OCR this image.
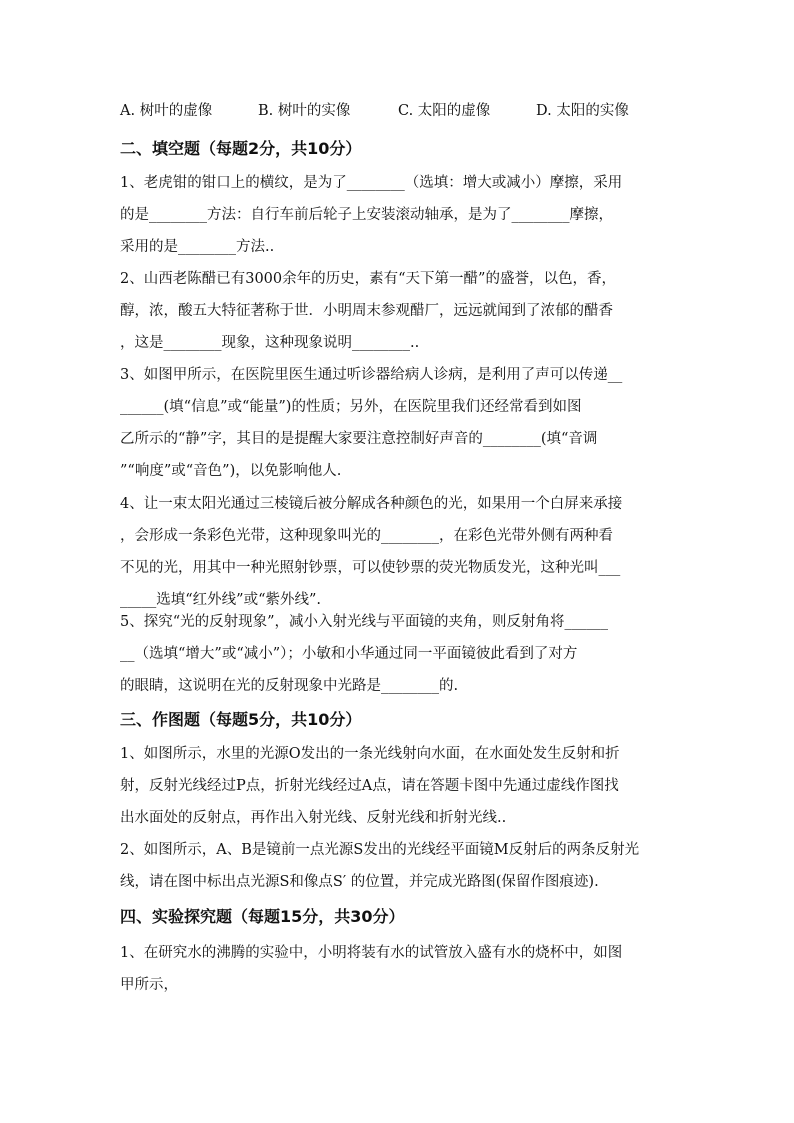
A. 树叶的虚像	B. 树叶的实像	C. 太阳的虚像	D. 太阳的实像
二、填空题（每题2分，共10分）
1、老虎钳的钳口上的横纹，是为了________（选填：增大或减小）摩擦，采用
的是________方法：自行车前后轮子上安装滚动轴承，是为了________摩擦，
采用的是________方法..
2、山西老陈醋已有3000余年的历史，素有“天下第一醋”的盛誉，以色，香，
醇，浓，酸五大特征著称于世．小明周末参观醋厂，远远就闻到了浓郁的醋香
，这是________现象，这种现象说明________..
3、如图甲所示，在医院里医生通过听诊器给病人诊病，是利用了声可以传递__
______(填“信息”或“能量”)的性质；另外，在医院里我们还经常看到如图
乙所示的“静”字，其目的是提醒大家要注意控制好声音的________(填“音调
”“响度”或“音色”)，以免影响他人.
4、让一束太阳光通过三棱镜后被分解成各种颜色的光，如果用一个白屏来承接
，会形成一条彩色光带，这种现象叫光的________，在彩色光带外侧有两种看
不见的光，用其中一种光照射钞票，可以使钞票的荧光物质发光，这种光叫___
_____选填“红外线”或“紫外线”.
5、探究“光的反射现象”，减小入射光线与平面镜的夹角，则反射角将______
__（选填“增大”或“减小”）；小敏和小华通过同一平面镜彼此看到了对方
的眼睛，这说明在光的反射现象中光路是________的.
三、作图题（每题5分，共10分）
1、如图所示，水里的光源O发出的一条光线射向水面，在水面处发生反射和折
射，反射光线经过P点，折射光线经过A点，请在答题卡图中先通过虚线作图找
出水面处的反射点，再作出入射光线、反射光线和折射光线..
2、如图所示，A、B是镜前一点光源S发出的光线经平面镜M反射后的两条反射光
线，请在图中标出点光源S和像点S′ 的位置，并完成光路图(保留作图痕迹).
四、实验探究题（每题15分，共30分）
1、在研究水的沸腾的实验中，小明将装有水的试管放入盛有水的烧杯中，如图
甲所示，
